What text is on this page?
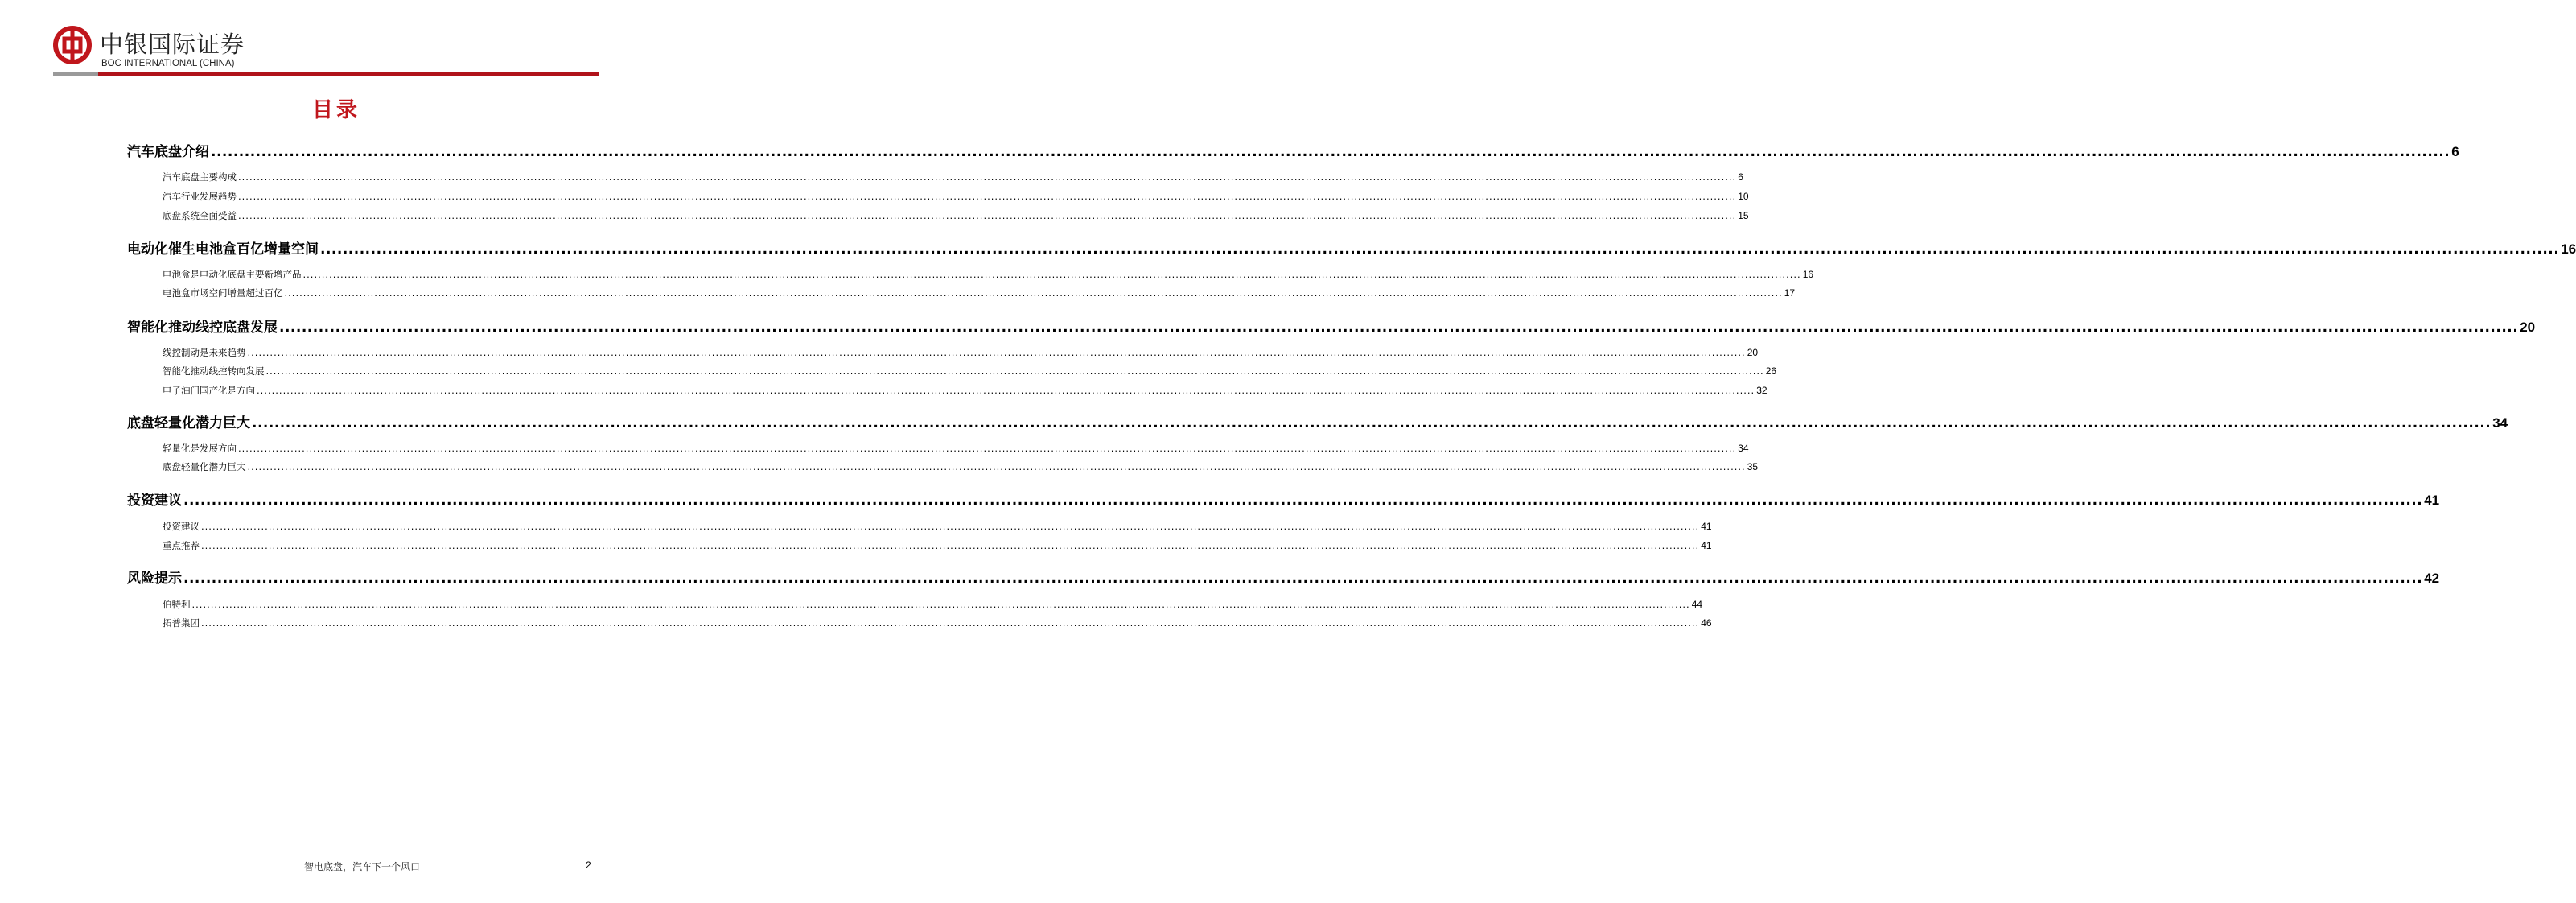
中银国际证券
BOC INTERNATIONAL (CHINA)
目录
汽车底盘介绍 ................................................................................................................................................................................................................................................................................................................................................................................................................ 6
汽车底盘主要构成 ................................................................................................................................................................................................................................................................................................................................................................................................................ 6
汽车行业发展趋势 ................................................................................................................................................................................................................................................................................................................................................................................................................ 10
底盘系统全面受益 ................................................................................................................................................................................................................................................................................................................................................................................................................ 15
电动化催生电池盒百亿增量空间 ................................................................................................................................................................................................................................................................................................................................................................................................................ 16
电池盒是电动化底盘主要新增产品 ................................................................................................................................................................................................................................................................................................................................................................................................................ 16
电池盒市场空间增量超过百亿 ................................................................................................................................................................................................................................................................................................................................................................................................................ 17
智能化推动线控底盘发展 ................................................................................................................................................................................................................................................................................................................................................................................................................ 20
线控制动是未来趋势 ................................................................................................................................................................................................................................................................................................................................................................................................................ 20
智能化推动线控转向发展 ................................................................................................................................................................................................................................................................................................................................................................................................................ 26
电子油门国产化是方向 ................................................................................................................................................................................................................................................................................................................................................................................................................ 32
底盘轻量化潜力巨大 ................................................................................................................................................................................................................................................................................................................................................................................................................ 34
轻量化是发展方向 ................................................................................................................................................................................................................................................................................................................................................................................................................ 34
底盘轻量化潜力巨大 ................................................................................................................................................................................................................................................................................................................................................................................................................ 35
投资建议 ................................................................................................................................................................................................................................................................................................................................................................................................................ 41
投资建议 ................................................................................................................................................................................................................................................................................................................................................................................................................ 41
重点推荐 ................................................................................................................................................................................................................................................................................................................................................................................................................ 41
风险提示 ................................................................................................................................................................................................................................................................................................................................................................................................................ 42
伯特利 ................................................................................................................................................................................................................................................................................................................................................................................................................ 44
拓普集团 ................................................................................................................................................................................................................................................................................................................................................................................................................ 46
智电底盘，汽车下一个风口	2
